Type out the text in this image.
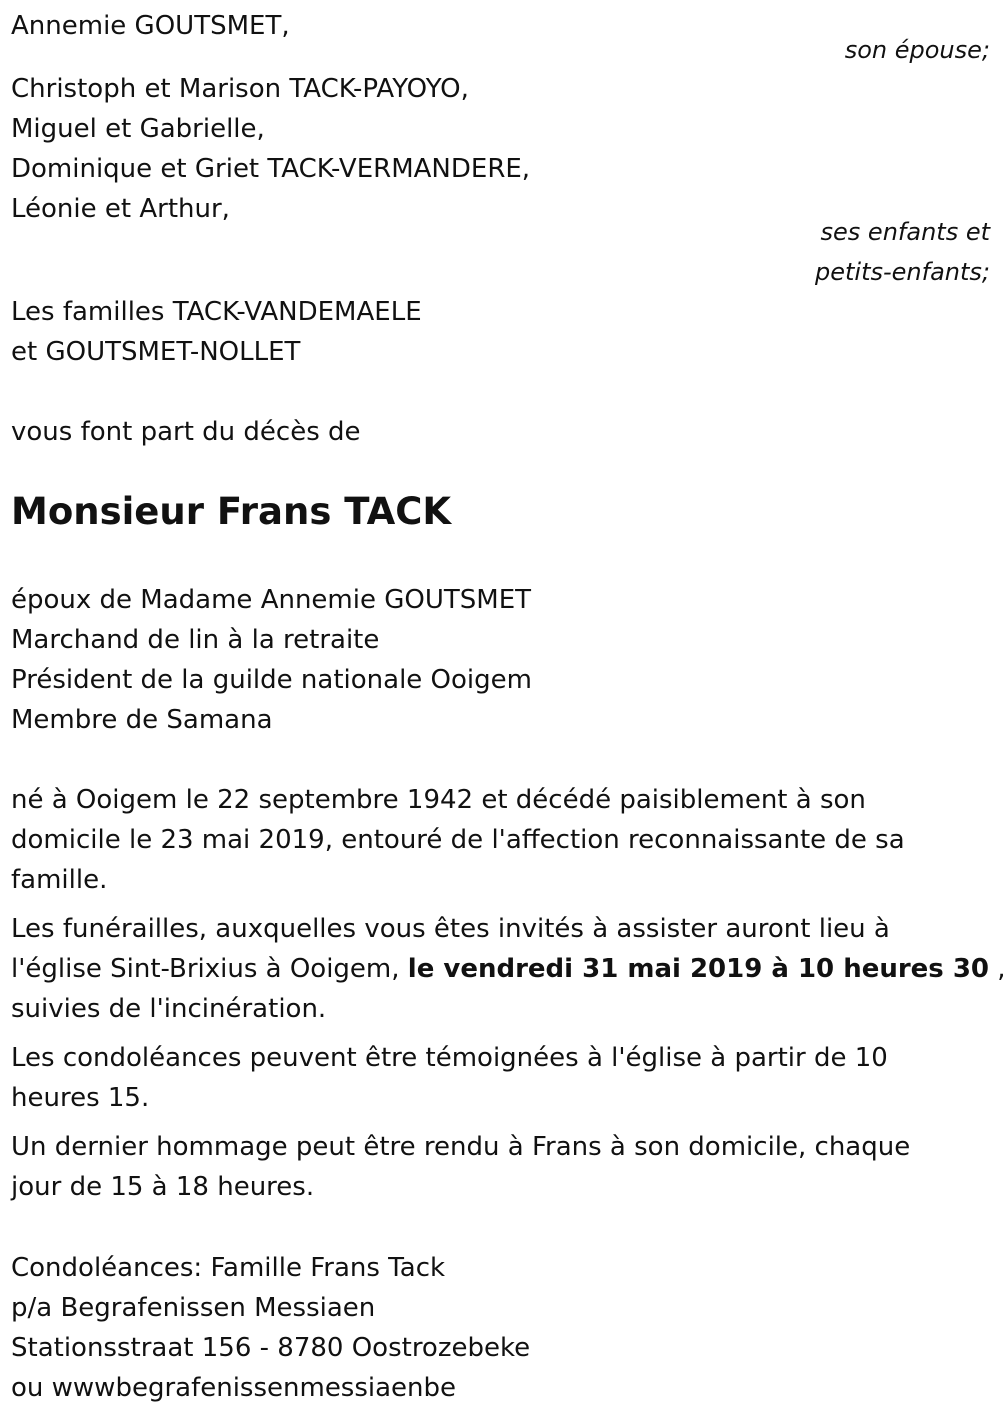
Annemie GOUTSMET,
son épouse;
Christoph et Marison TACK-PAYOYO,
Miguel et Gabrielle,
Dominique et Griet TACK-VERMANDERE,
Léonie et Arthur,
ses enfants et
petits-enfants;
Les familles TACK-VANDEMAELE
et GOUTSMET-NOLLET
vous font part du décès de
Monsieur Frans TACK
époux de Madame Annemie GOUTSMET
Marchand de lin à la retraite
Président de la guilde nationale Ooigem
Membre de Samana
né à Ooigem le 22 septembre 1942 et décédé paisiblement à son
domicile le 23 mai 2019, entouré de l'affection reconnaissante de sa
famille.
Les funérailles, auxquelles vous êtes invités à assister auront lieu à
l'église Sint-Brixius à Ooigem, le vendredi 31 mai 2019 à 10 heures 30 ,
suivies de l'incinération.
Les condoléances peuvent être témoignées à l'église à partir de 10
heures 15.
Un dernier hommage peut être rendu à Frans à son domicile, chaque
jour de 15 à 18 heures.
Condoléances: Famille Frans Tack
p/a Begrafenissen Messiaen
Stationsstraat 156 - 8780 Oostrozebeke
ou wwwbegrafenissenmessiaenbe
